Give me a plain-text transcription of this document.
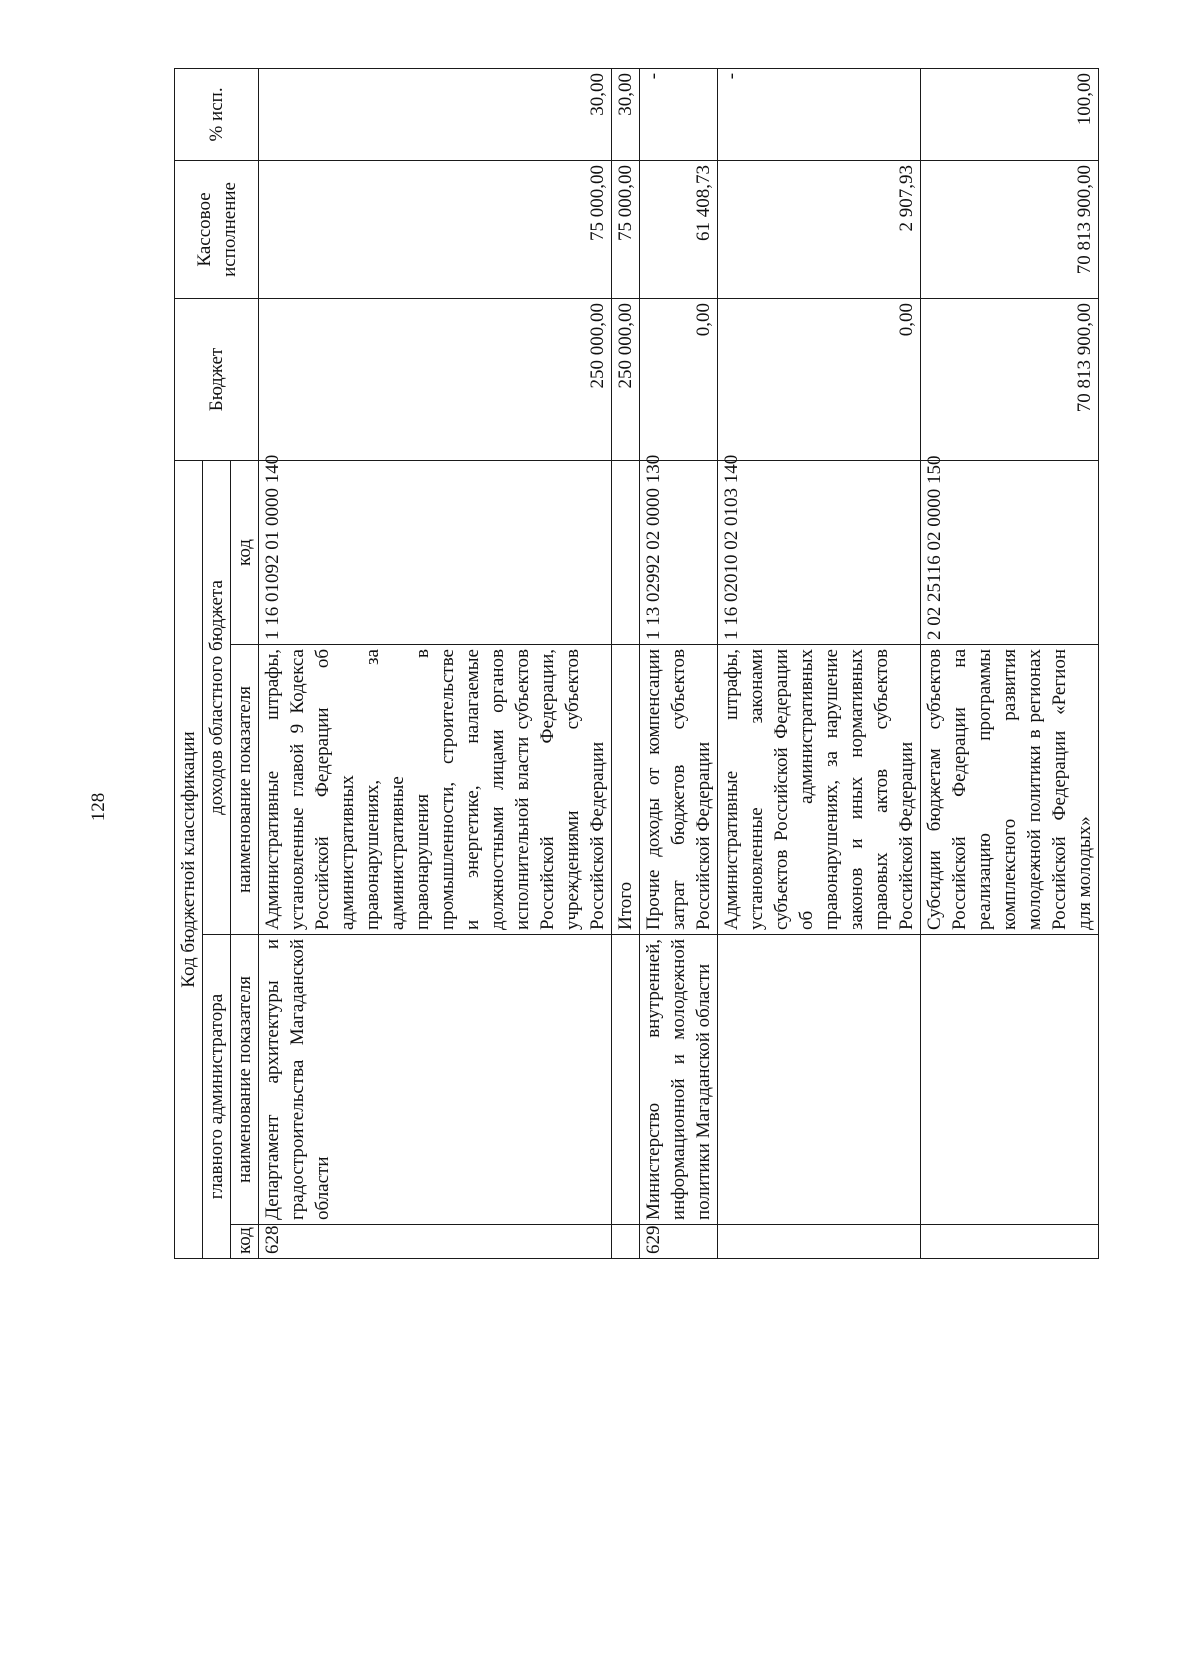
128	Код бюджетной классификации				Бюджет	Кассовое исполнение	% исп.
главного администратора		доходов областного бюджета				
код	наименование показателя	наименование показателя	код			
628	Департамент архитектуры и градостроительства Магаданской области	Административные штрафы, установленные главой 9 Кодекса Российской Федерации об административных правонарушениях, за административные правонарушения в промышленности, строительстве и энергетике, налагаемые должностными лицами органов исполнительной власти субъектов Российской Федерации, учреждениями субъектов Российской Федерации	1 16 01092 01 0000 140	250 000,00	75 000,00	30,00
		Итого		250 000,00	75 000,00	30,00
629	Министерство внутренней, информационной и молодежной политики Магаданской области	Прочие доходы от компенсации затрат бюджетов субъектов Российской Федерации	1 13 02992 02 0000 130	0,00	61 408,73	-
		Административные штрафы, установленные законами субъектов Российской Федерации об административных правонарушениях, за нарушение законов и иных нормативных правовых актов субъектов Российской Федерации	1 16 02010 02 0103 140	0,00	2 907,93	-
		Субсидии бюджетам субъектов Российской Федерации на реализацию программы комплексного развития молодежной политики в регионах Российской Федерации «Регион для молодых»	2 02 25116 02 0000 150	70 813 900,00	70 813 900,00	100,00
